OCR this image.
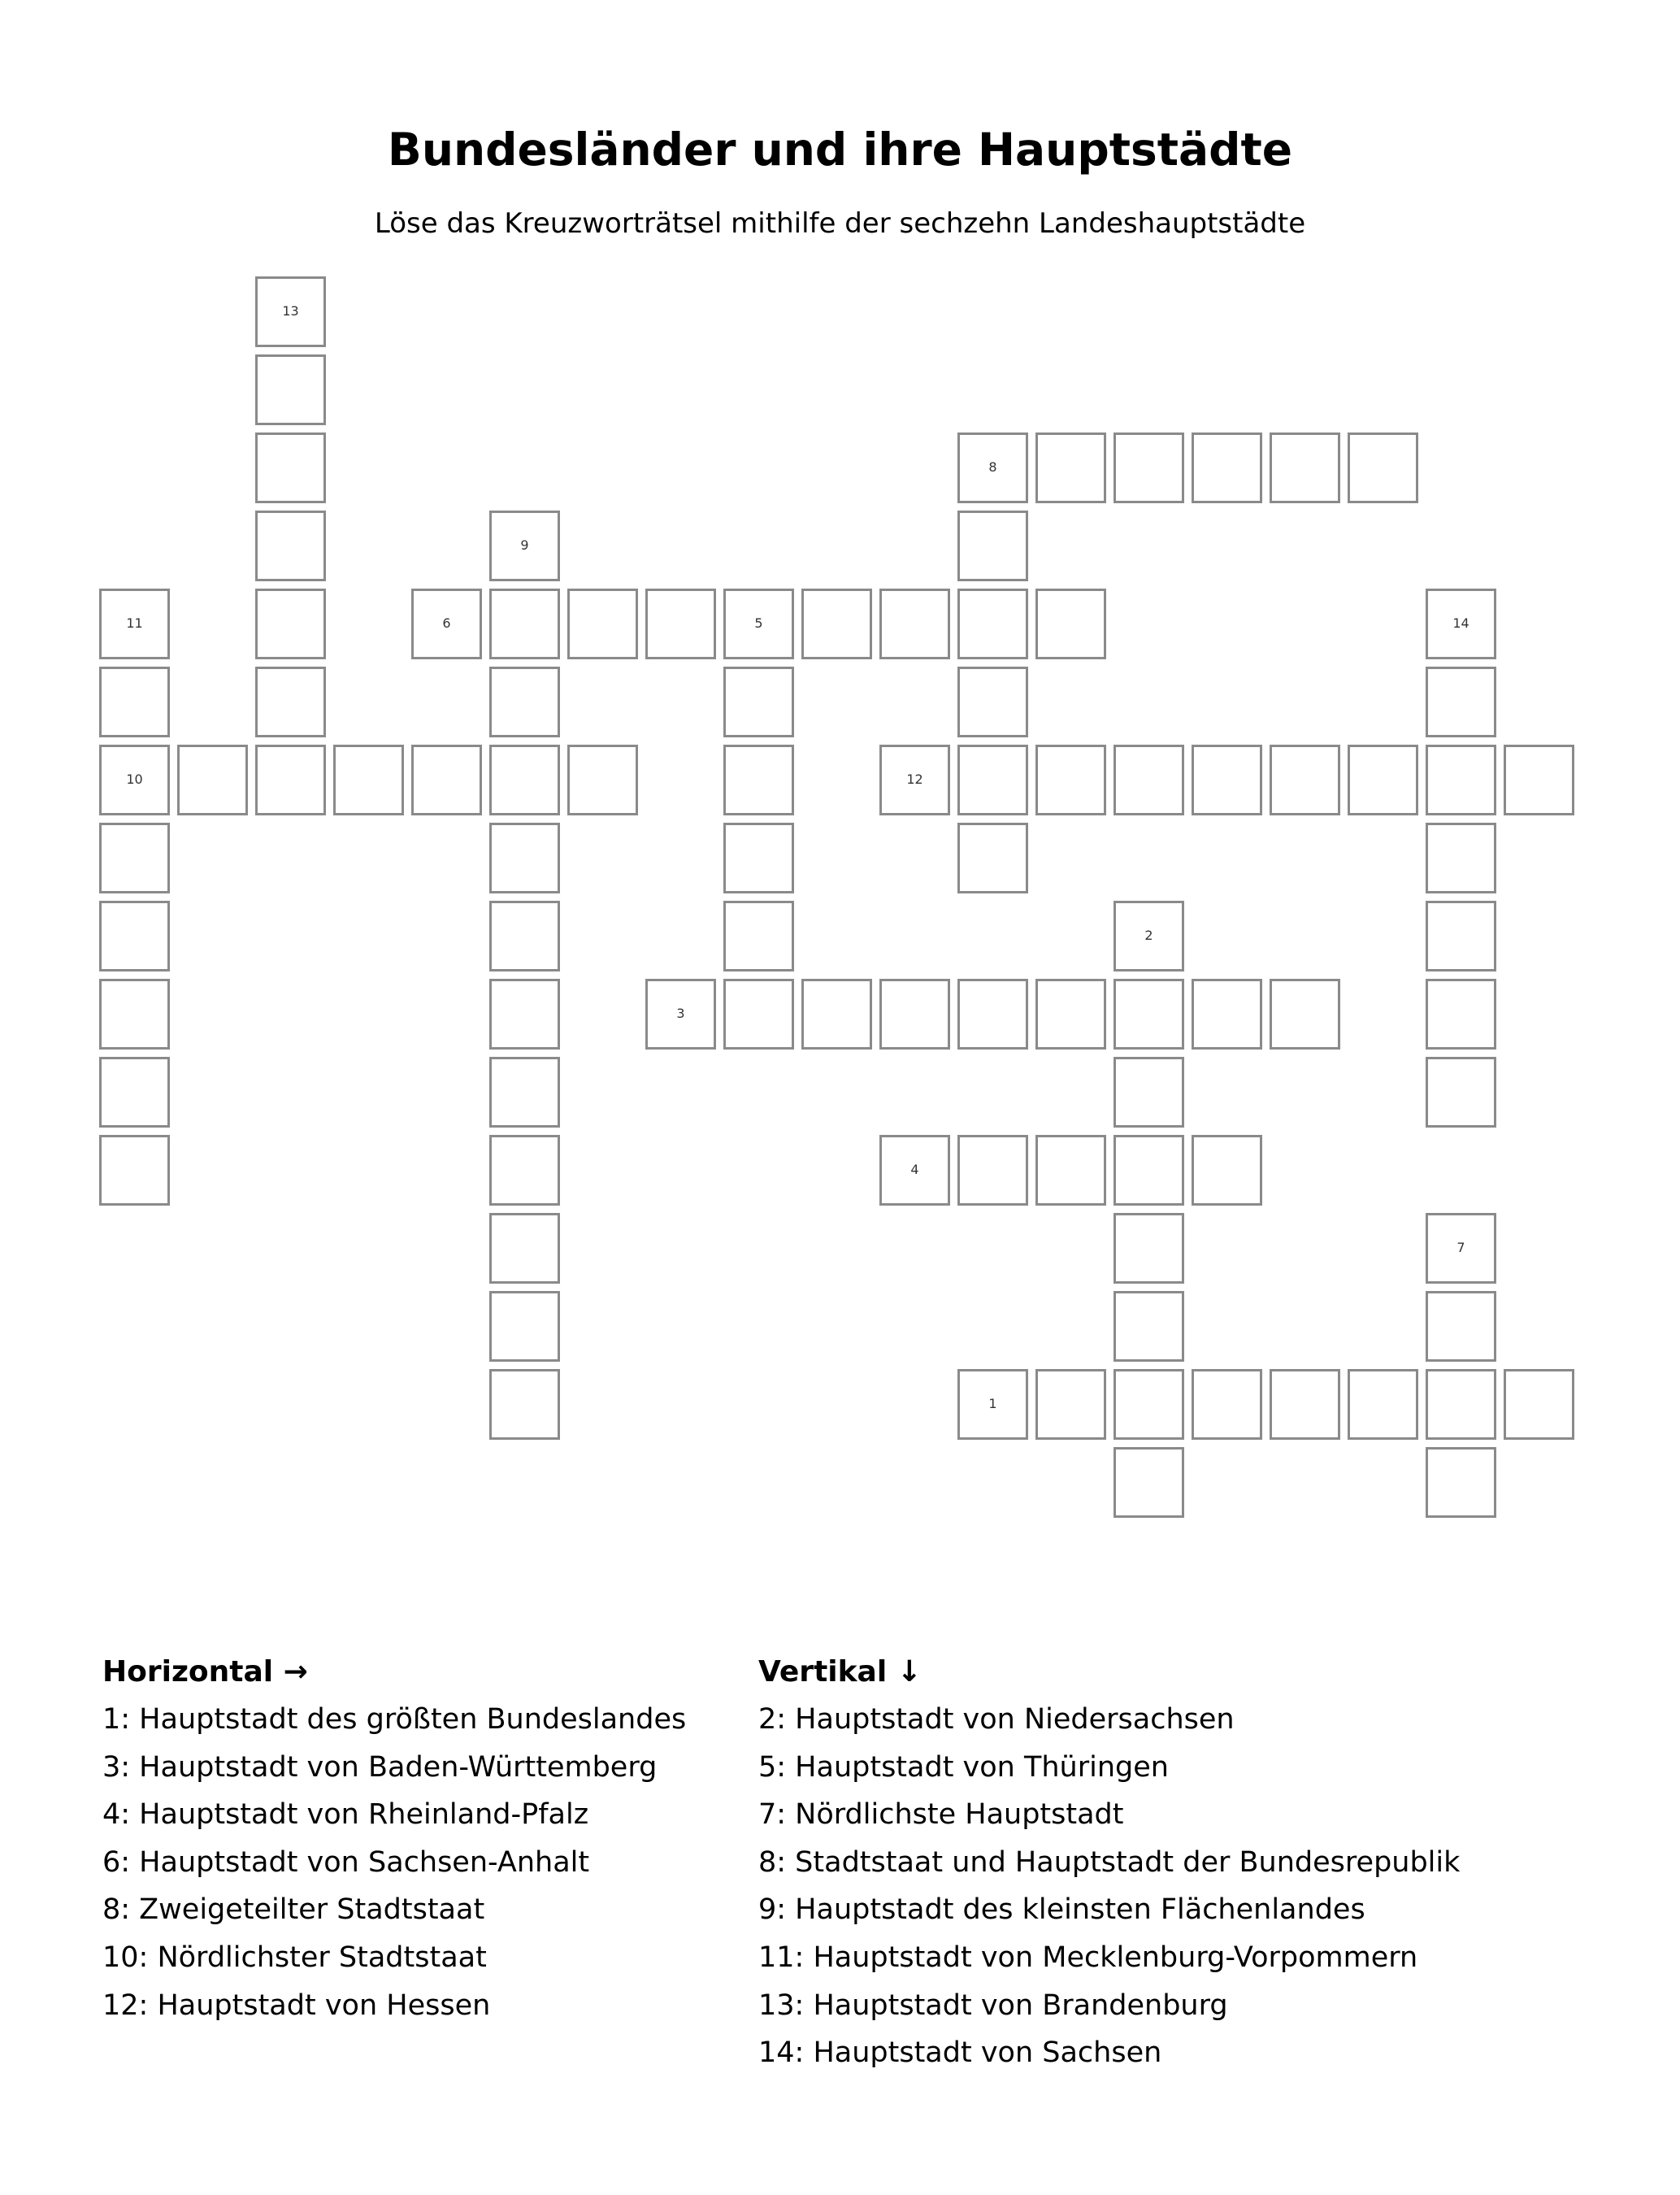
Bundesländer und ihre Hauptstädte
Löse das Kreuzworträtsel mithilfe der sechzehn Landeshauptstädte
13
8
9
11	6	5	14
10	12
2
3
4
7
1
Horizontal →
1: Hauptstadt des größten Bundeslandes
3: Hauptstadt von Baden-Württemberg
4: Hauptstadt von Rheinland-Pfalz
6: Hauptstadt von Sachsen-Anhalt
8: Zweigeteilter Stadtstaat
10: Nördlichster Stadtstaat
12: Hauptstadt von Hessen
Vertikal ↓
2: Hauptstadt von Niedersachsen
5: Hauptstadt von Thüringen
7: Nördlichste Hauptstadt
8: Stadtstaat und Hauptstadt der Bundesrepublik
9: Hauptstadt des kleinsten Flächenlandes
11: Hauptstadt von Mecklenburg-Vorpommern
13: Hauptstadt von Brandenburg
14: Hauptstadt von Sachsen
